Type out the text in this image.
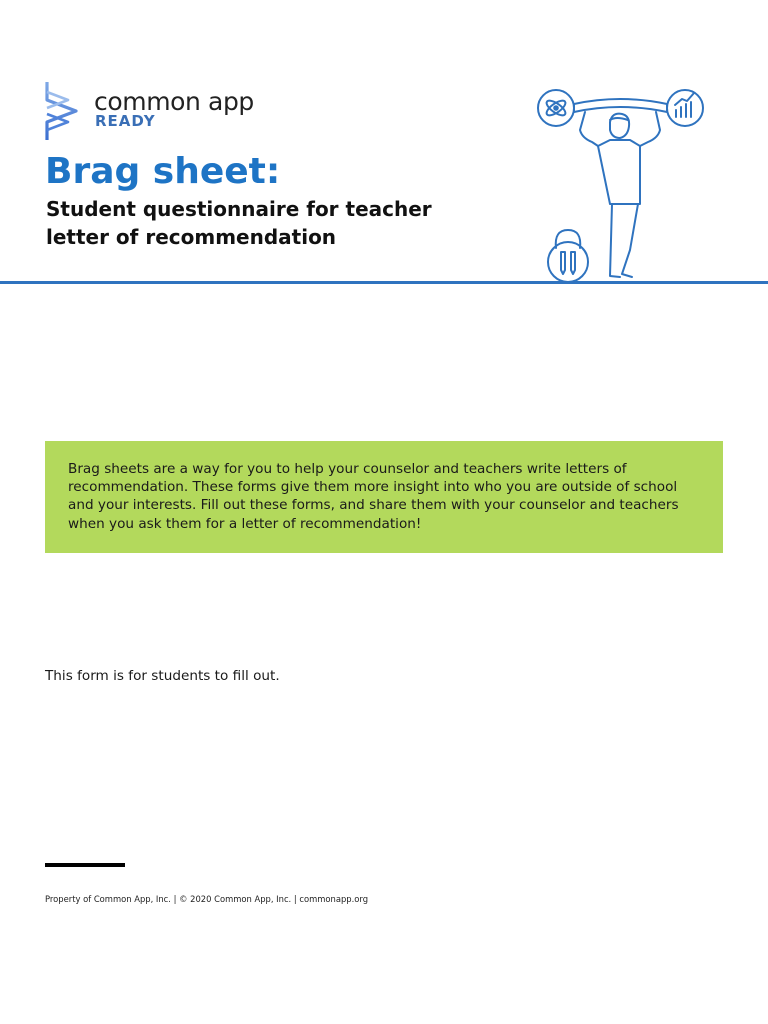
common app
READY
Brag sheet:
Student questionnaire for teacher letter of recommendation

Brag sheets are a way for you to help your counselor and teachers write letters of recommendation. These forms give them more insight into who you are outside of school and your interests. Fill out these forms, and share them with your counselor and teachers when you ask them for a letter of recommendation!

This form is for students to fill out.

Property of Common App, Inc. | © 2020 Common App, Inc. | commonapp.org
